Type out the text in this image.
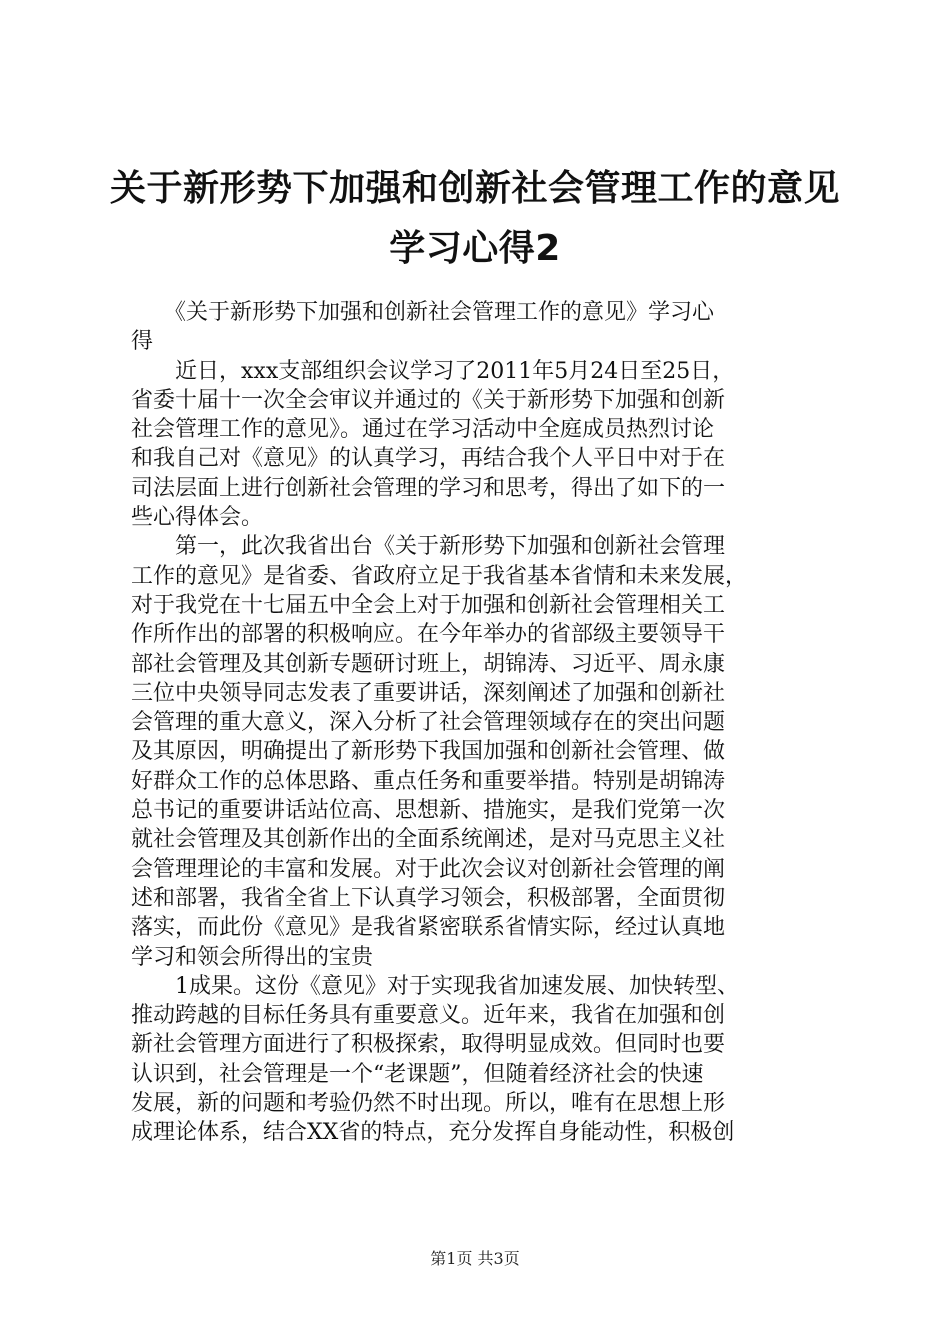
关于新形势下加强和创新社会管理工作的意见
学习心得2
　　《关于新形势下加强和创新社会管理工作的意见》学习心
得
　　近日，xxx支部组织会议学习了2011年5月24日至25日，
省委十届十一次全会审议并通过的《关于新形势下加强和创新
社会管理工作的意见》。通过在学习活动中全庭成员热烈讨论
和我自己对《意见》的认真学习，再结合我个人平日中对于在
司法层面上进行创新社会管理的学习和思考，得出了如下的一
些心得体会。
　　第一，此次我省出台《关于新形势下加强和创新社会管理
工作的意见》是省委、省政府立足于我省基本省情和未来发展，
对于我党在十七届五中全会上对于加强和创新社会管理相关工
作所作出的部署的积极响应。在今年举办的省部级主要领导干
部社会管理及其创新专题研讨班上，胡锦涛、习近平、周永康
三位中央领导同志发表了重要讲话，深刻阐述了加强和创新社
会管理的重大意义，深入分析了社会管理领域存在的突出问题
及其原因，明确提出了新形势下我国加强和创新社会管理、做
好群众工作的总体思路、重点任务和重要举措。特别是胡锦涛
总书记的重要讲话站位高、思想新、措施实，是我们党第一次
就社会管理及其创新作出的全面系统阐述，是对马克思主义社
会管理理论的丰富和发展。对于此次会议对创新社会管理的阐
述和部署，我省全省上下认真学习领会，积极部署，全面贯彻
落实，而此份《意见》是我省紧密联系省情实际，经过认真地
学习和领会所得出的宝贵
　　1成果。这份《意见》对于实现我省加速发展、加快转型、
推动跨越的目标任务具有重要意义。近年来，我省在加强和创
新社会管理方面进行了积极探索，取得明显成效。但同时也要
认识到，社会管理是一个“老课题”，但随着经济社会的快速
发展，新的问题和考验仍然不时出现。所以，唯有在思想上形
成理论体系，结合XX省的特点，充分发挥自身能动性，积极创
第1页 共3页
